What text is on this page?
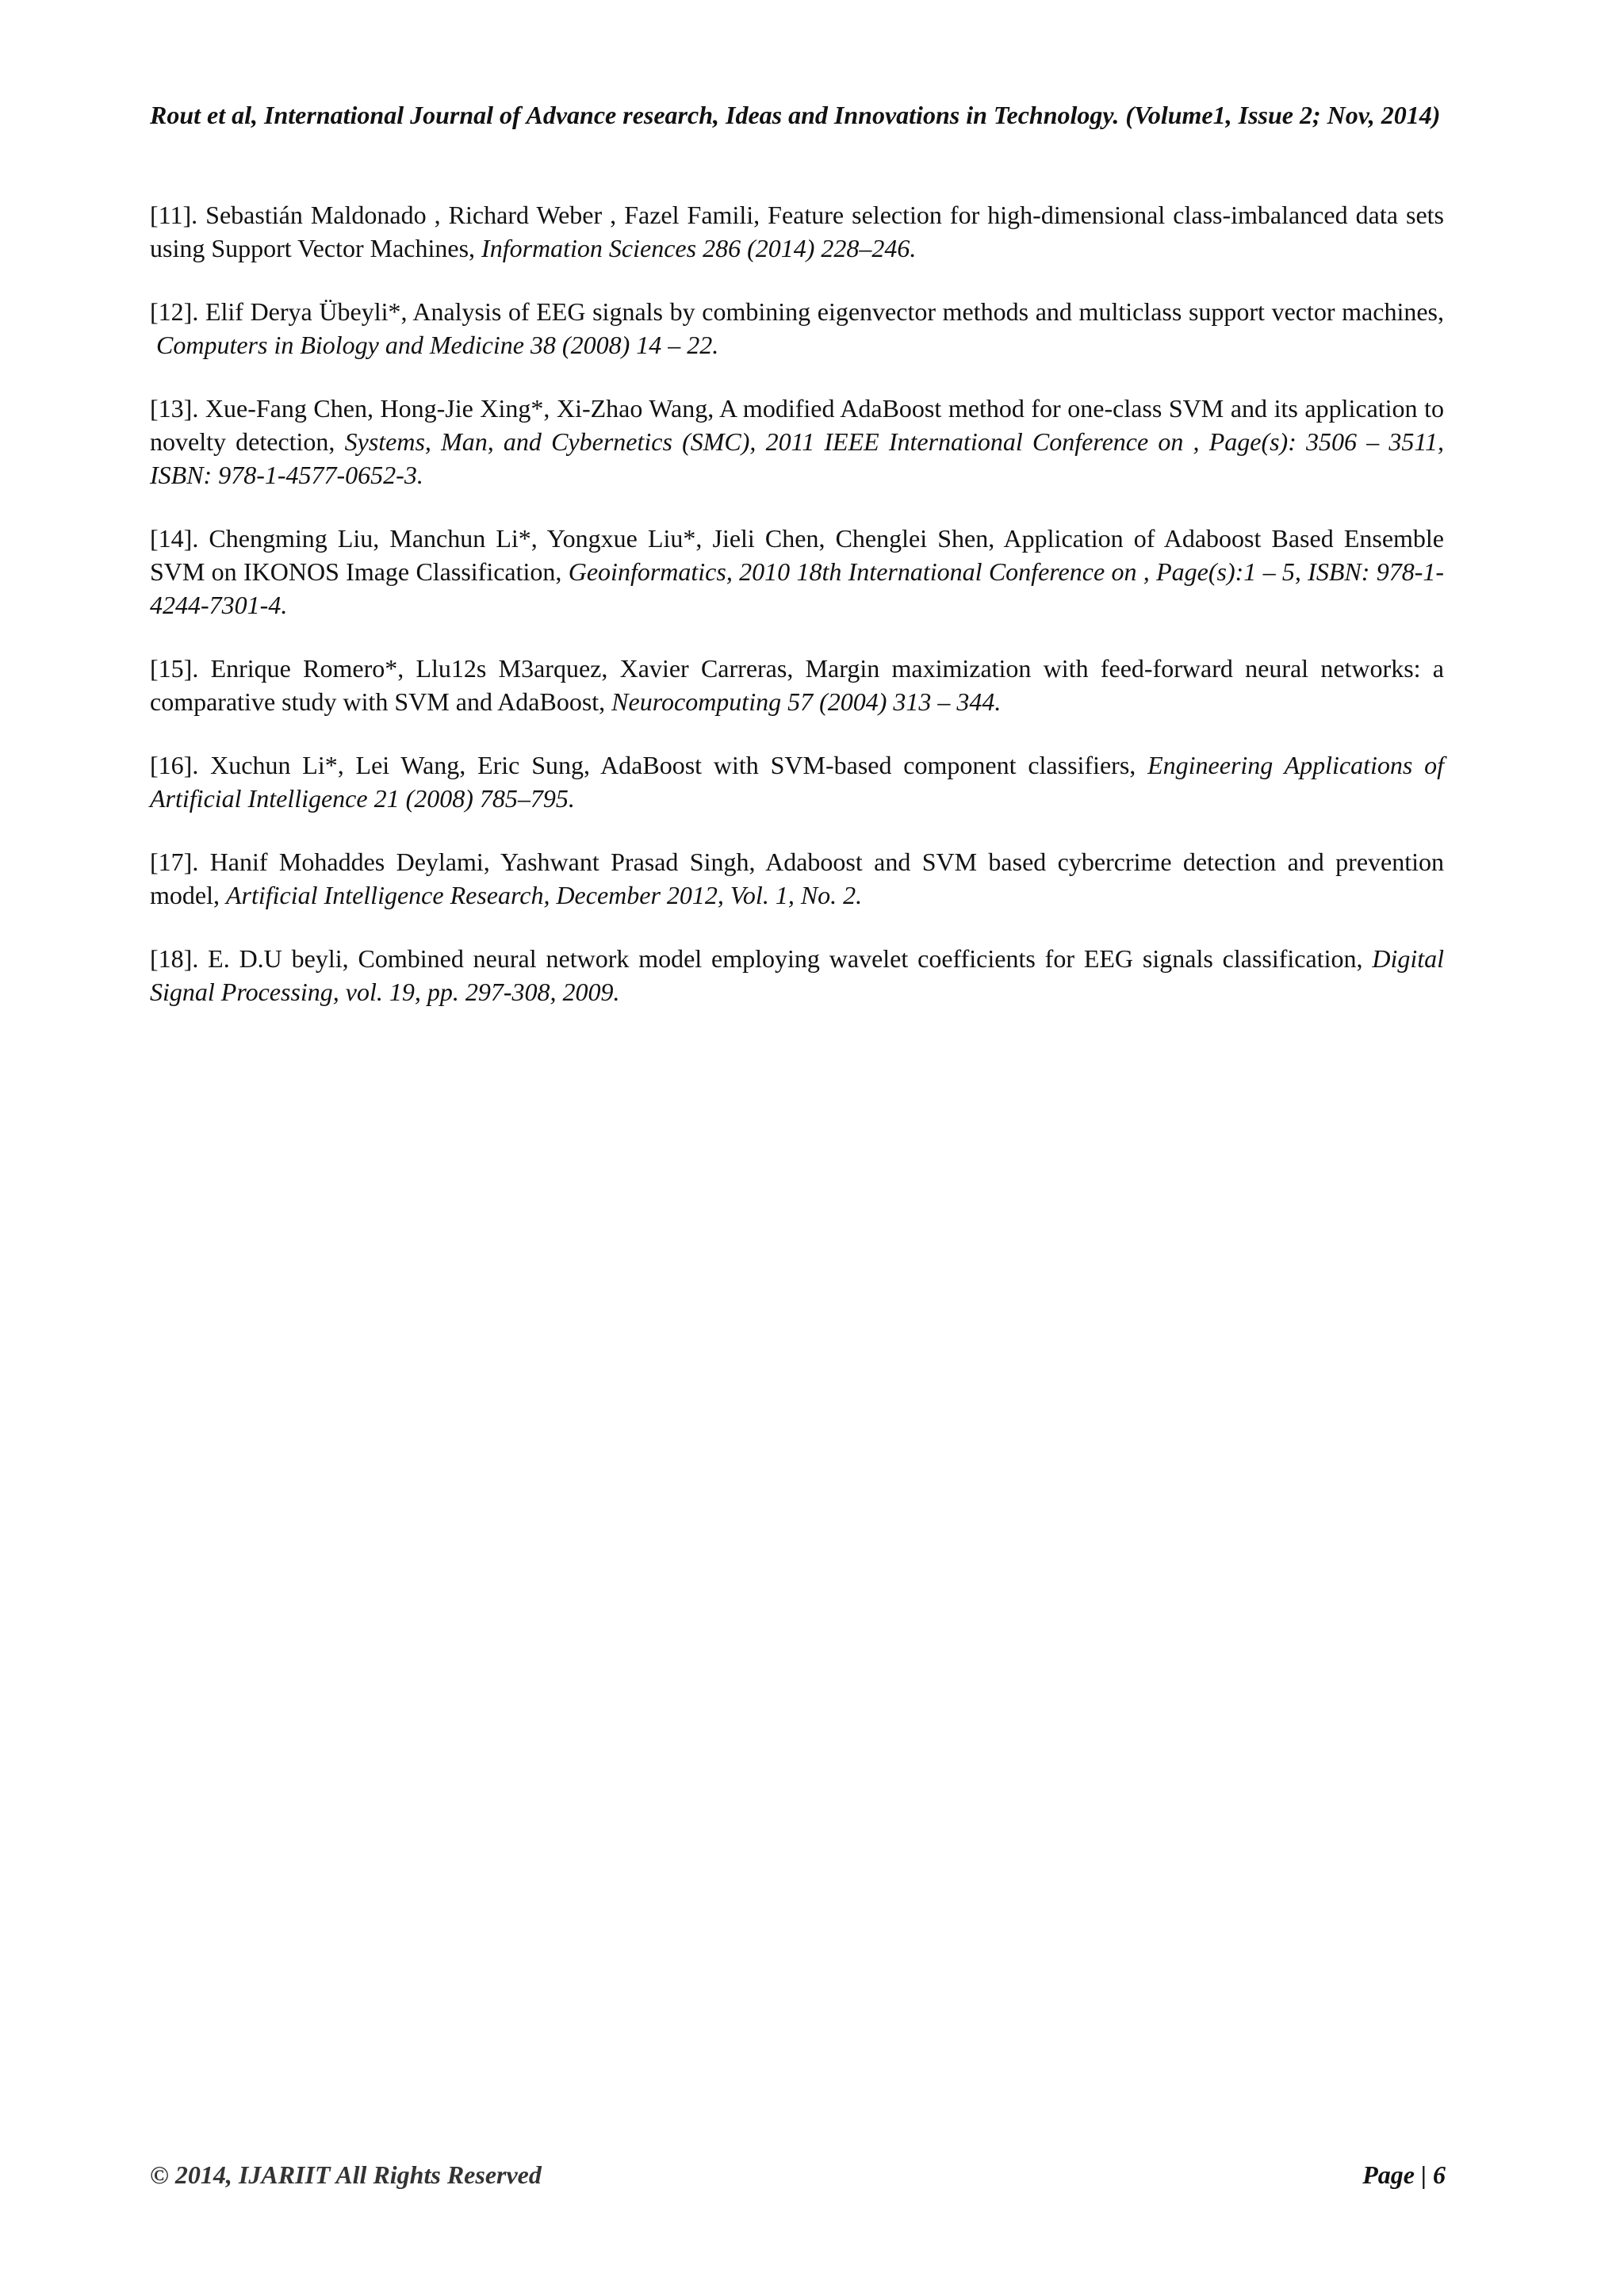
Rout et al, International Journal of Advance research, Ideas and Innovations in Technology. (Volume1, Issue 2; Nov, 2014)

[11]. Sebastián Maldonado , Richard Weber , Fazel Famili, Feature selection for high-dimensional class-imbalanced data sets using Support Vector Machines, Information Sciences 286 (2014) 228–246.

[12]. Elif Derya Übeyli*, Analysis of EEG signals by combining eigenvector methods and multiclass support vector machines, Computers in Biology and Medicine 38 (2008) 14 – 22.

[13]. Xue-Fang Chen, Hong-Jie Xing*, Xi-Zhao Wang, A modified AdaBoost method for one-class SVM and its application to novelty detection, Systems, Man, and Cybernetics (SMC), 2011 IEEE International Conference on , Page(s): 3506 – 3511, ISBN: 978-1-4577-0652-3.

[14]. Chengming Liu, Manchun Li*, Yongxue Liu*, Jieli Chen, Chenglei Shen, Application of Adaboost Based Ensemble SVM on IKONOS Image Classification, Geoinformatics, 2010 18th International Conference on , Page(s):1 – 5, ISBN: 978-1-4244-7301-4.

[15]. Enrique Romero*, Llu12s M3arquez, Xavier Carreras, Margin maximization with feed-forward neural networks: a comparative study with SVM and AdaBoost, Neurocomputing 57 (2004) 313 – 344.

[16]. Xuchun Li*, Lei Wang, Eric Sung, AdaBoost with SVM-based component classifiers, Engineering Applications of Artificial Intelligence 21 (2008) 785–795.

[17]. Hanif Mohaddes Deylami, Yashwant Prasad Singh, Adaboost and SVM based cybercrime detection and prevention model, Artificial Intelligence Research, December 2012, Vol. 1, No. 2.

[18]. E. D.U beyli, Combined neural network model employing wavelet coefficients for EEG signals classification, Digital Signal Processing, vol. 19, pp. 297-308, 2009.

© 2014, IJARIIT All Rights Reserved	Page | 6
